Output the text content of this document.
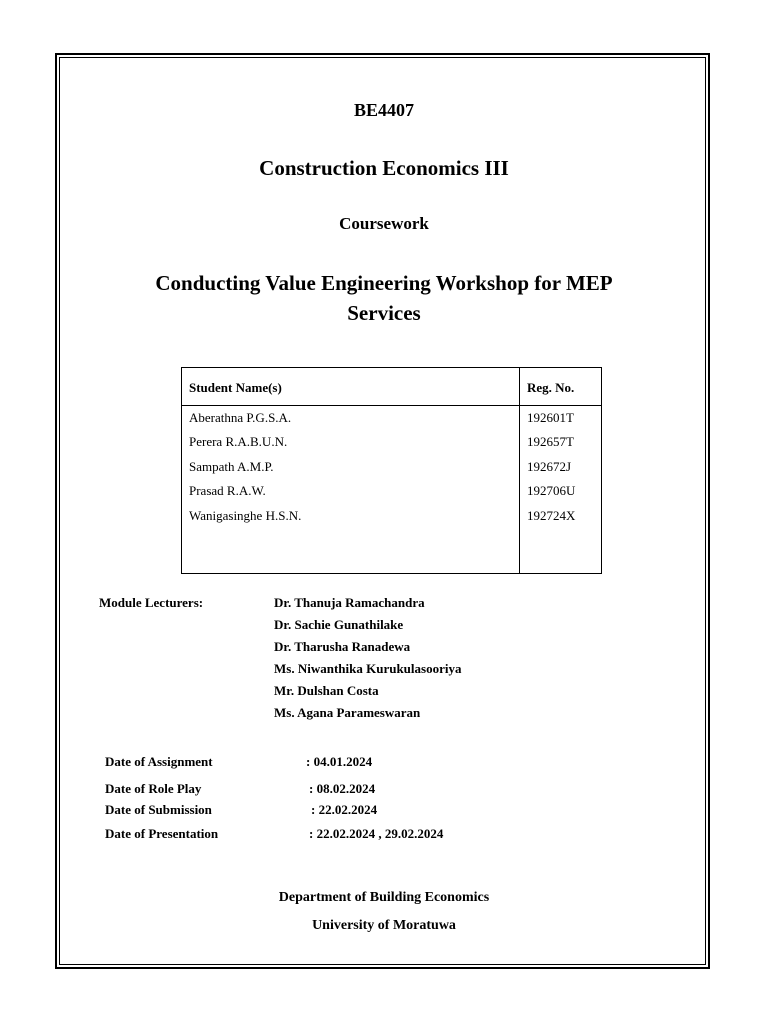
BE4407
Construction Economics III
Coursework
Conducting Value Engineering Workshop for MEP Services
Student Name(s)	Reg. No.
Aberathna P.G.S.A.	192601T
Perera R.A.B.U.N.	192657T
Sampath A.M.P.	192672J
Prasad R.A.W.	192706U
Wanigasinghe H.S.N.	192724X
Module Lecturers:	Dr. Thanuja Ramachandra
Dr. Sachie Gunathilake
Dr. Tharusha Ranadewa
Ms. Niwanthika Kurukulasooriya
Mr. Dulshan Costa
Ms. Agana Parameswaran
Date of Assignment	: 04.01.2024
Date of Role Play	: 08.02.2024
Date of Submission	: 22.02.2024
Date of Presentation	: 22.02.2024 , 29.02.2024
Department of Building Economics
University of Moratuwa
